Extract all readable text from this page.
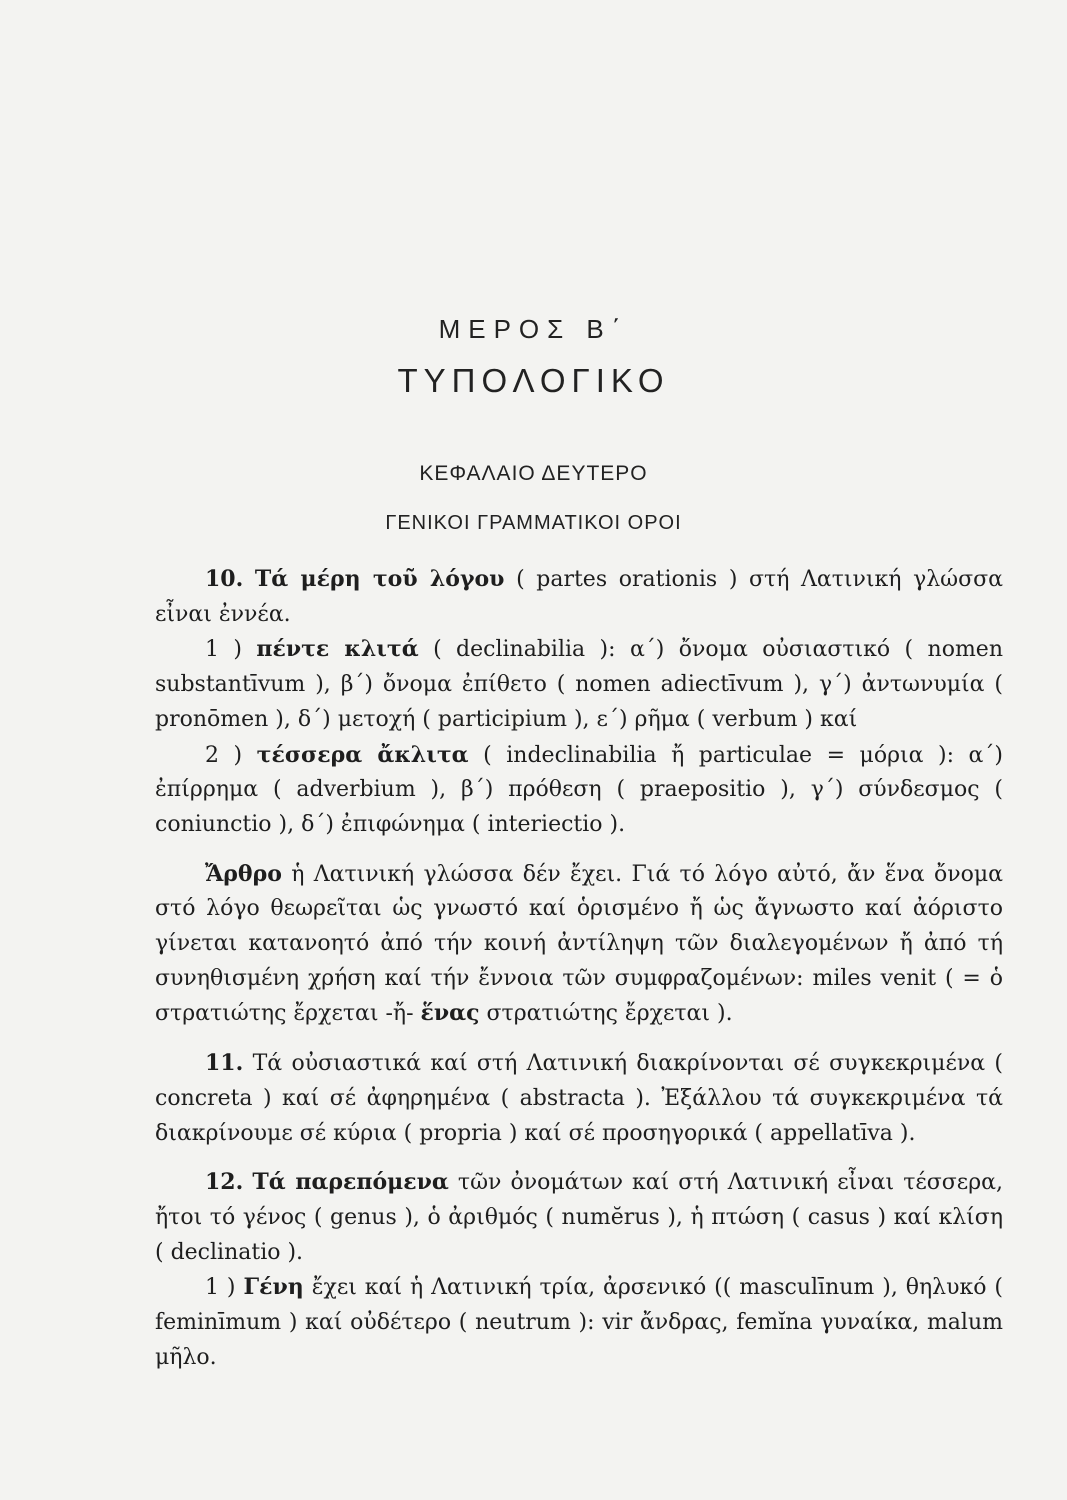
ΜΕΡΟΣ Β΄
ΤΥΠΟΛΟΓΙΚΟ
ΚΕΦΑΛΑΙΟ ΔΕΥΤΕΡΟ
ΓΕΝΙΚΟΙ ΓΡΑΜΜΑΤΙΚΟΙ ΟΡΟΙ

10. Τά μέρη τοῦ λόγου ( partes orationis ) στή Λατινική γλώσσα εἶναι ἐννέα.

1 ) πέντε κλιτά ( declinabilia ): α΄) ὄνομα οὐσιαστικό ( nomen substantīvum ), β΄) ὄνομα ἐπίθετο ( nomen adiectīvum ), γ΄) ἀντωνυμία ( pronōmen ), δ΄) μετοχή ( participium ), ε΄) ρῆμα ( verbum ) καί

2 ) τέσσερα ἄκλιτα ( indeclinabilia ἤ particulae = μόρια ): α΄) ἐπίρρημα ( adverbium ), β΄) πρόθεση ( praepositio ), γ΄) σύνδεσμος ( coniunctio ), δ΄) ἐπιφώνημα ( interiectio ).

Ἄρθρο ἡ Λατινική γλώσσα δέν ἔχει. Γιά τό λόγο αὐτό, ἄν ἕνα ὄνομα στό λόγο θεωρεῖται ὡς γνωστό καί ὁρισμένο ἤ ὡς ἄγνωστο καί ἀόριστο γίνεται κατανοητό ἀπό τήν κοινή ἀντίληψη τῶν διαλεγομένων ἤ ἀπό τή συνηθισμένη χρήση καί τήν ἔννοια τῶν συμφραζομένων: miles venit ( = ὁ στρατιώτης ἔρχεται -ἤ- ἕνας στρατιώτης ἔρχεται ).

11. Τά οὐσιαστικά καί στή Λατινική διακρίνονται σέ συγκεκριμένα ( concreta ) καί σέ ἀφηρημένα ( abstracta ). Ἐξάλλου τά συγκεκριμένα τά διακρίνουμε σέ κύρια ( propria ) καί σέ προσηγορικά ( appellatīva ).

12. Τά παρεπόμενα τῶν ὀνομάτων καί στή Λατινική εἶναι τέσσερα, ἤτοι τό γένος ( genus ), ὁ ἀριθμός ( numĕrus ), ἡ πτώση ( casus ) καί κλίση ( declinatio ).

1 ) Γένη ἔχει καί ἡ Λατινική τρία, ἀρσενικό (( masculīnum ), θηλυκό ( feminīmum ) καί οὐδέτερο ( neutrum ): vir ἄνδρας, femĭna γυναίκα, malum μῆλο.
